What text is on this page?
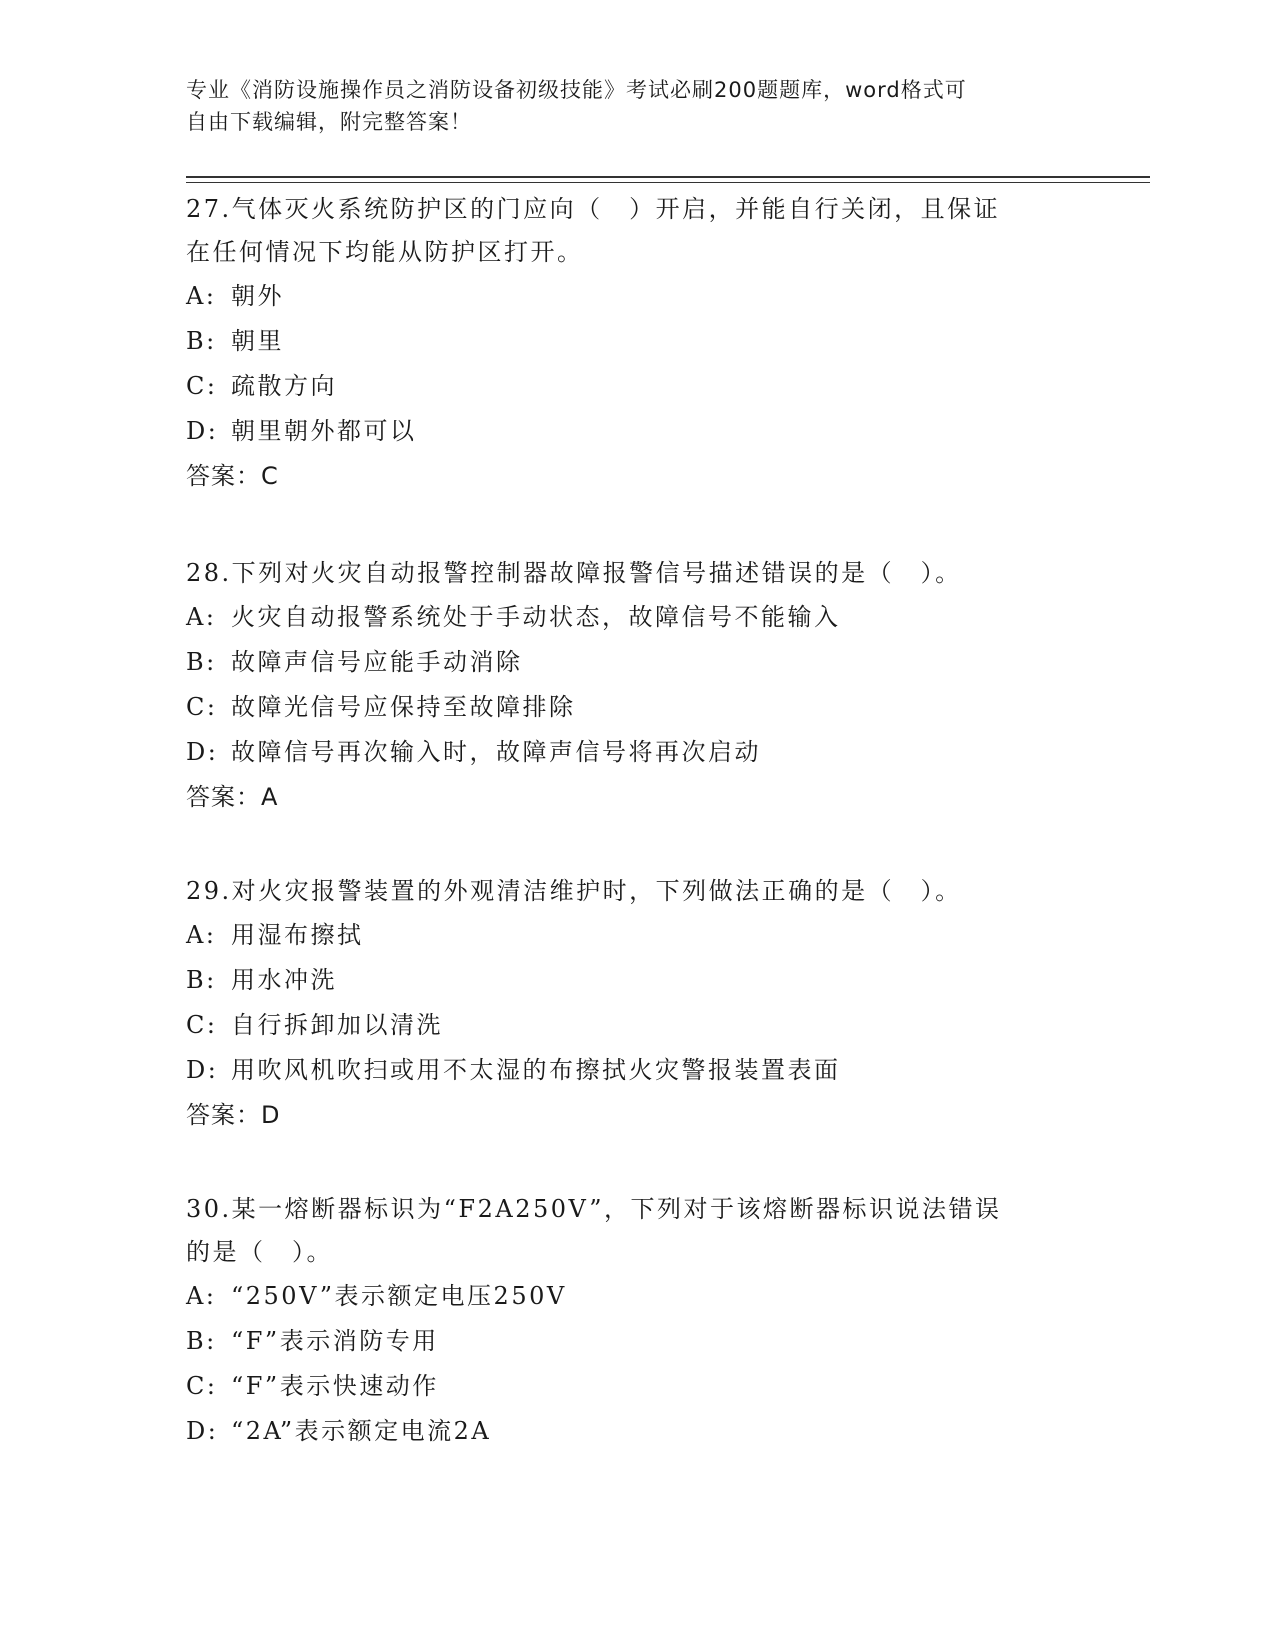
专业《消防设施操作员之消防设备初级技能》考试必刷200题题库，word格式可
自由下载编辑，附完整答案！

27.气体灭火系统防护区的门应向（　）开启，并能自行关闭，且保证
在任何情况下均能从防护区打开。

A: 朝外

B: 朝里

C: 疏散方向

D: 朝里朝外都可以

答案：C

28.下列对火灾自动报警控制器故障报警信号描述错误的是（　）。

A: 火灾自动报警系统处于手动状态，故障信号不能输入

B: 故障声信号应能手动消除

C: 故障光信号应保持至故障排除

D: 故障信号再次输入时，故障声信号将再次启动

答案：A

29.对火灾报警装置的外观清洁维护时，下列做法正确的是（　）。

A: 用湿布擦拭

B: 用水冲洗

C: 自行拆卸加以清洗

D: 用吹风机吹扫或用不太湿的布擦拭火灾警报装置表面

答案：D

30.某一熔断器标识为“F2A250V”，下列对于该熔断器标识说法错误
的是（　）。

A: “250V”表示额定电压250V

B: “F”表示消防专用

C: “F”表示快速动作

D: “2A”表示额定电流2A
